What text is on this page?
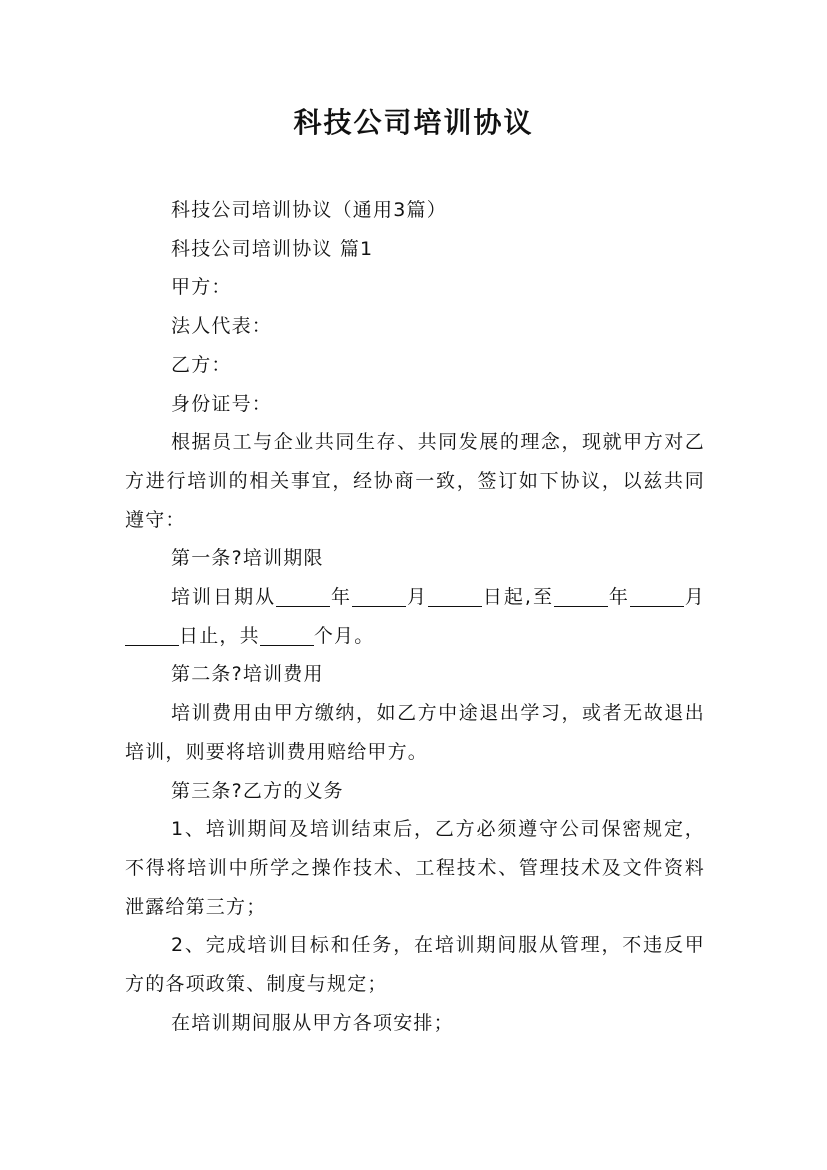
科技公司培训协议

科技公司培训协议（通用3篇）

科技公司培训协议 篇1

甲方：

法人代表：

乙方：

身份证号：

根据员工与企业共同生存、共同发展的理念，现就甲方对乙方进行培训的相关事宜，经协商一致，签订如下协议，以兹共同遵守：

第一条?培训期限

培训日期从	年	月	日起,至	年	月日止，共	个月。

第二条?培训费用

培训费用由甲方缴纳，如乙方中途退出学习，或者无故退出培训，则要将培训费用赔给甲方。

第三条?乙方的义务

1、培训期间及培训结束后，乙方必须遵守公司保密规定，不得将培训中所学之操作技术、工程技术、管理技术及文件资料泄露给第三方；

2、完成培训目标和任务，在培训期间服从管理，不违反甲方的各项政策、制度与规定；

在培训期间服从甲方各项安排；
